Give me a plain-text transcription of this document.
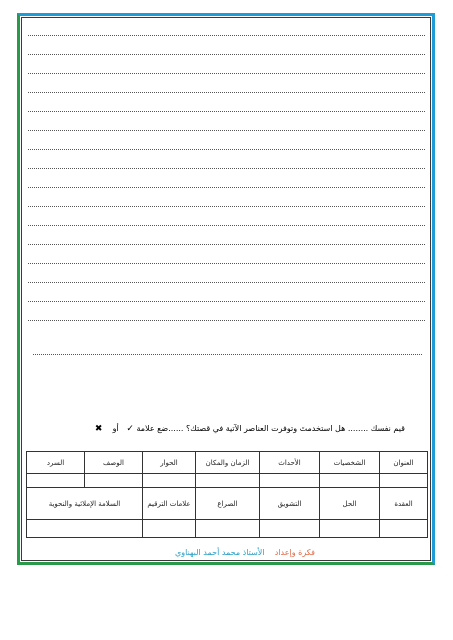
قيم نفسك ........ هل استخدمتَ وتوفرت العناصر الآتية في قصتك؟ ......ضع علامة ✓   أو    ✖
العنوان	الشخصيات	الأحداث	الزمان والمكان	الحوار	الوصف	السرد

العقدة	الحل	التشويق	الصراع	علامات الترقيم	السلامة الإملائية والنحوية	

فكرة وإعداد    الأستاذ محمد أحمد البهناوي
